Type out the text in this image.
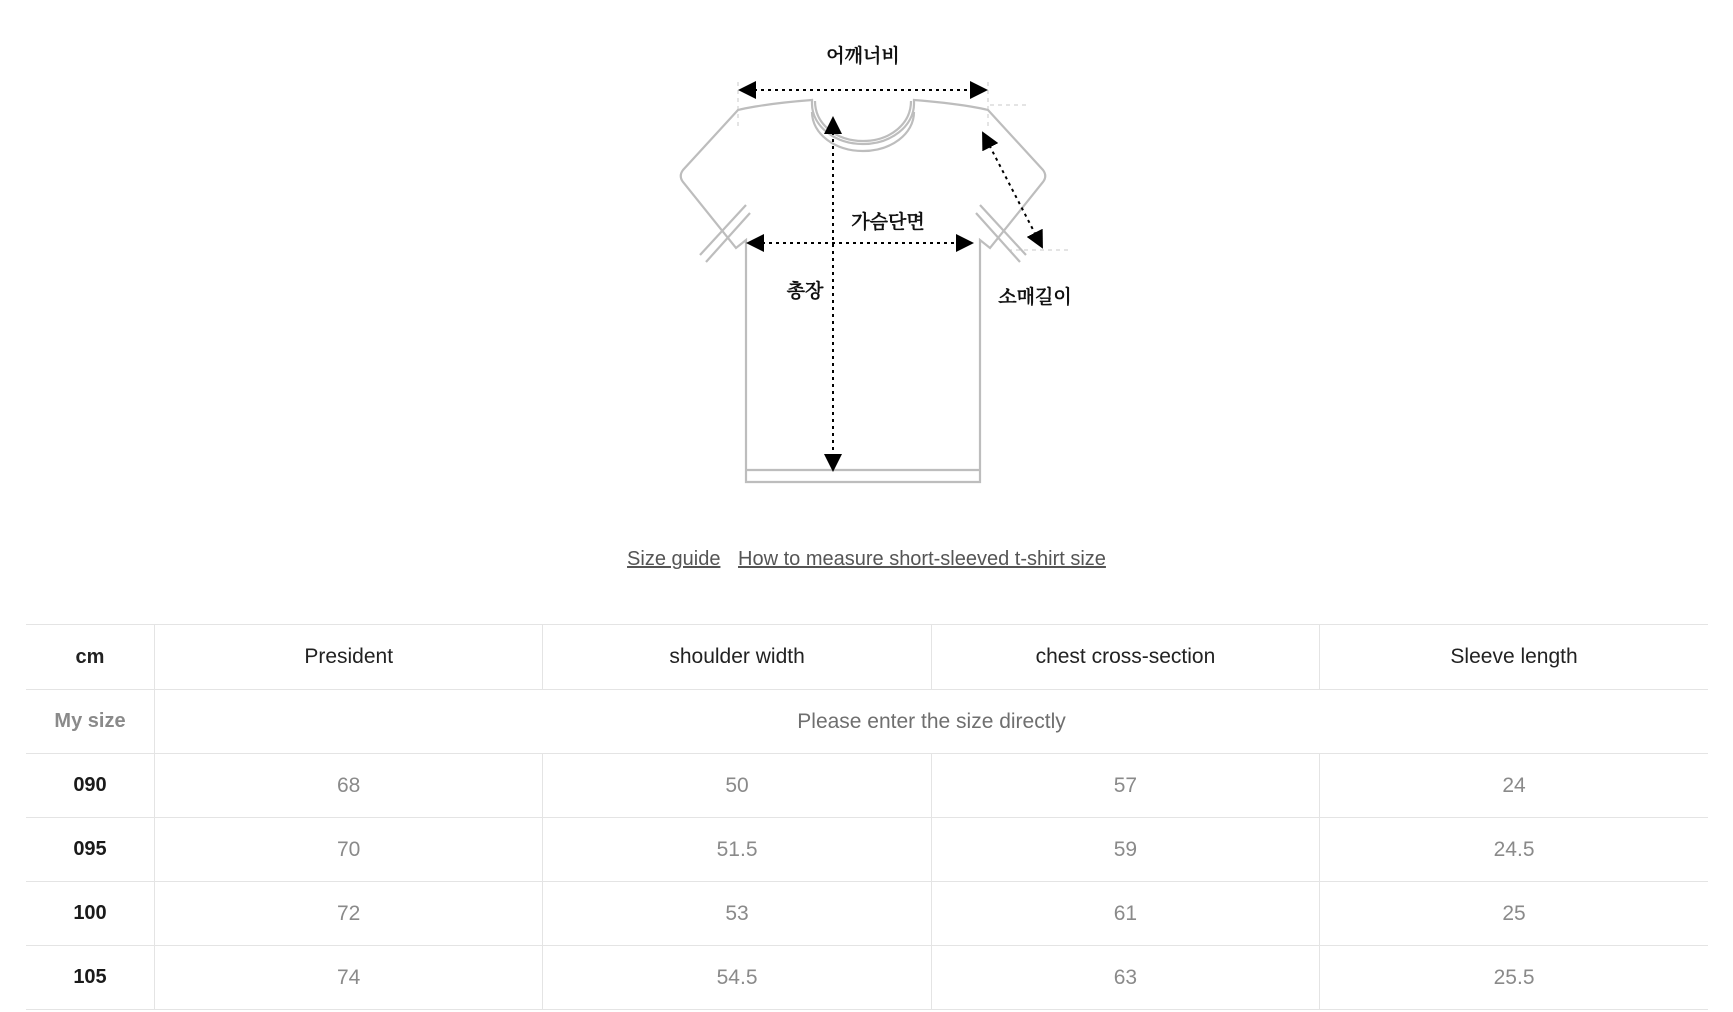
어깨너비
가슴단면
총장	소매길이
Size guide How to measure short-sleeved t-shirt size
cm	President	shoulder width	chest cross-section	Sleeve length
My size	Please enter the size directly			
090	68	50	57	24
095	70	51.5	59	24.5
100	72	53	61	25
105	74	54.5	63	25.5
